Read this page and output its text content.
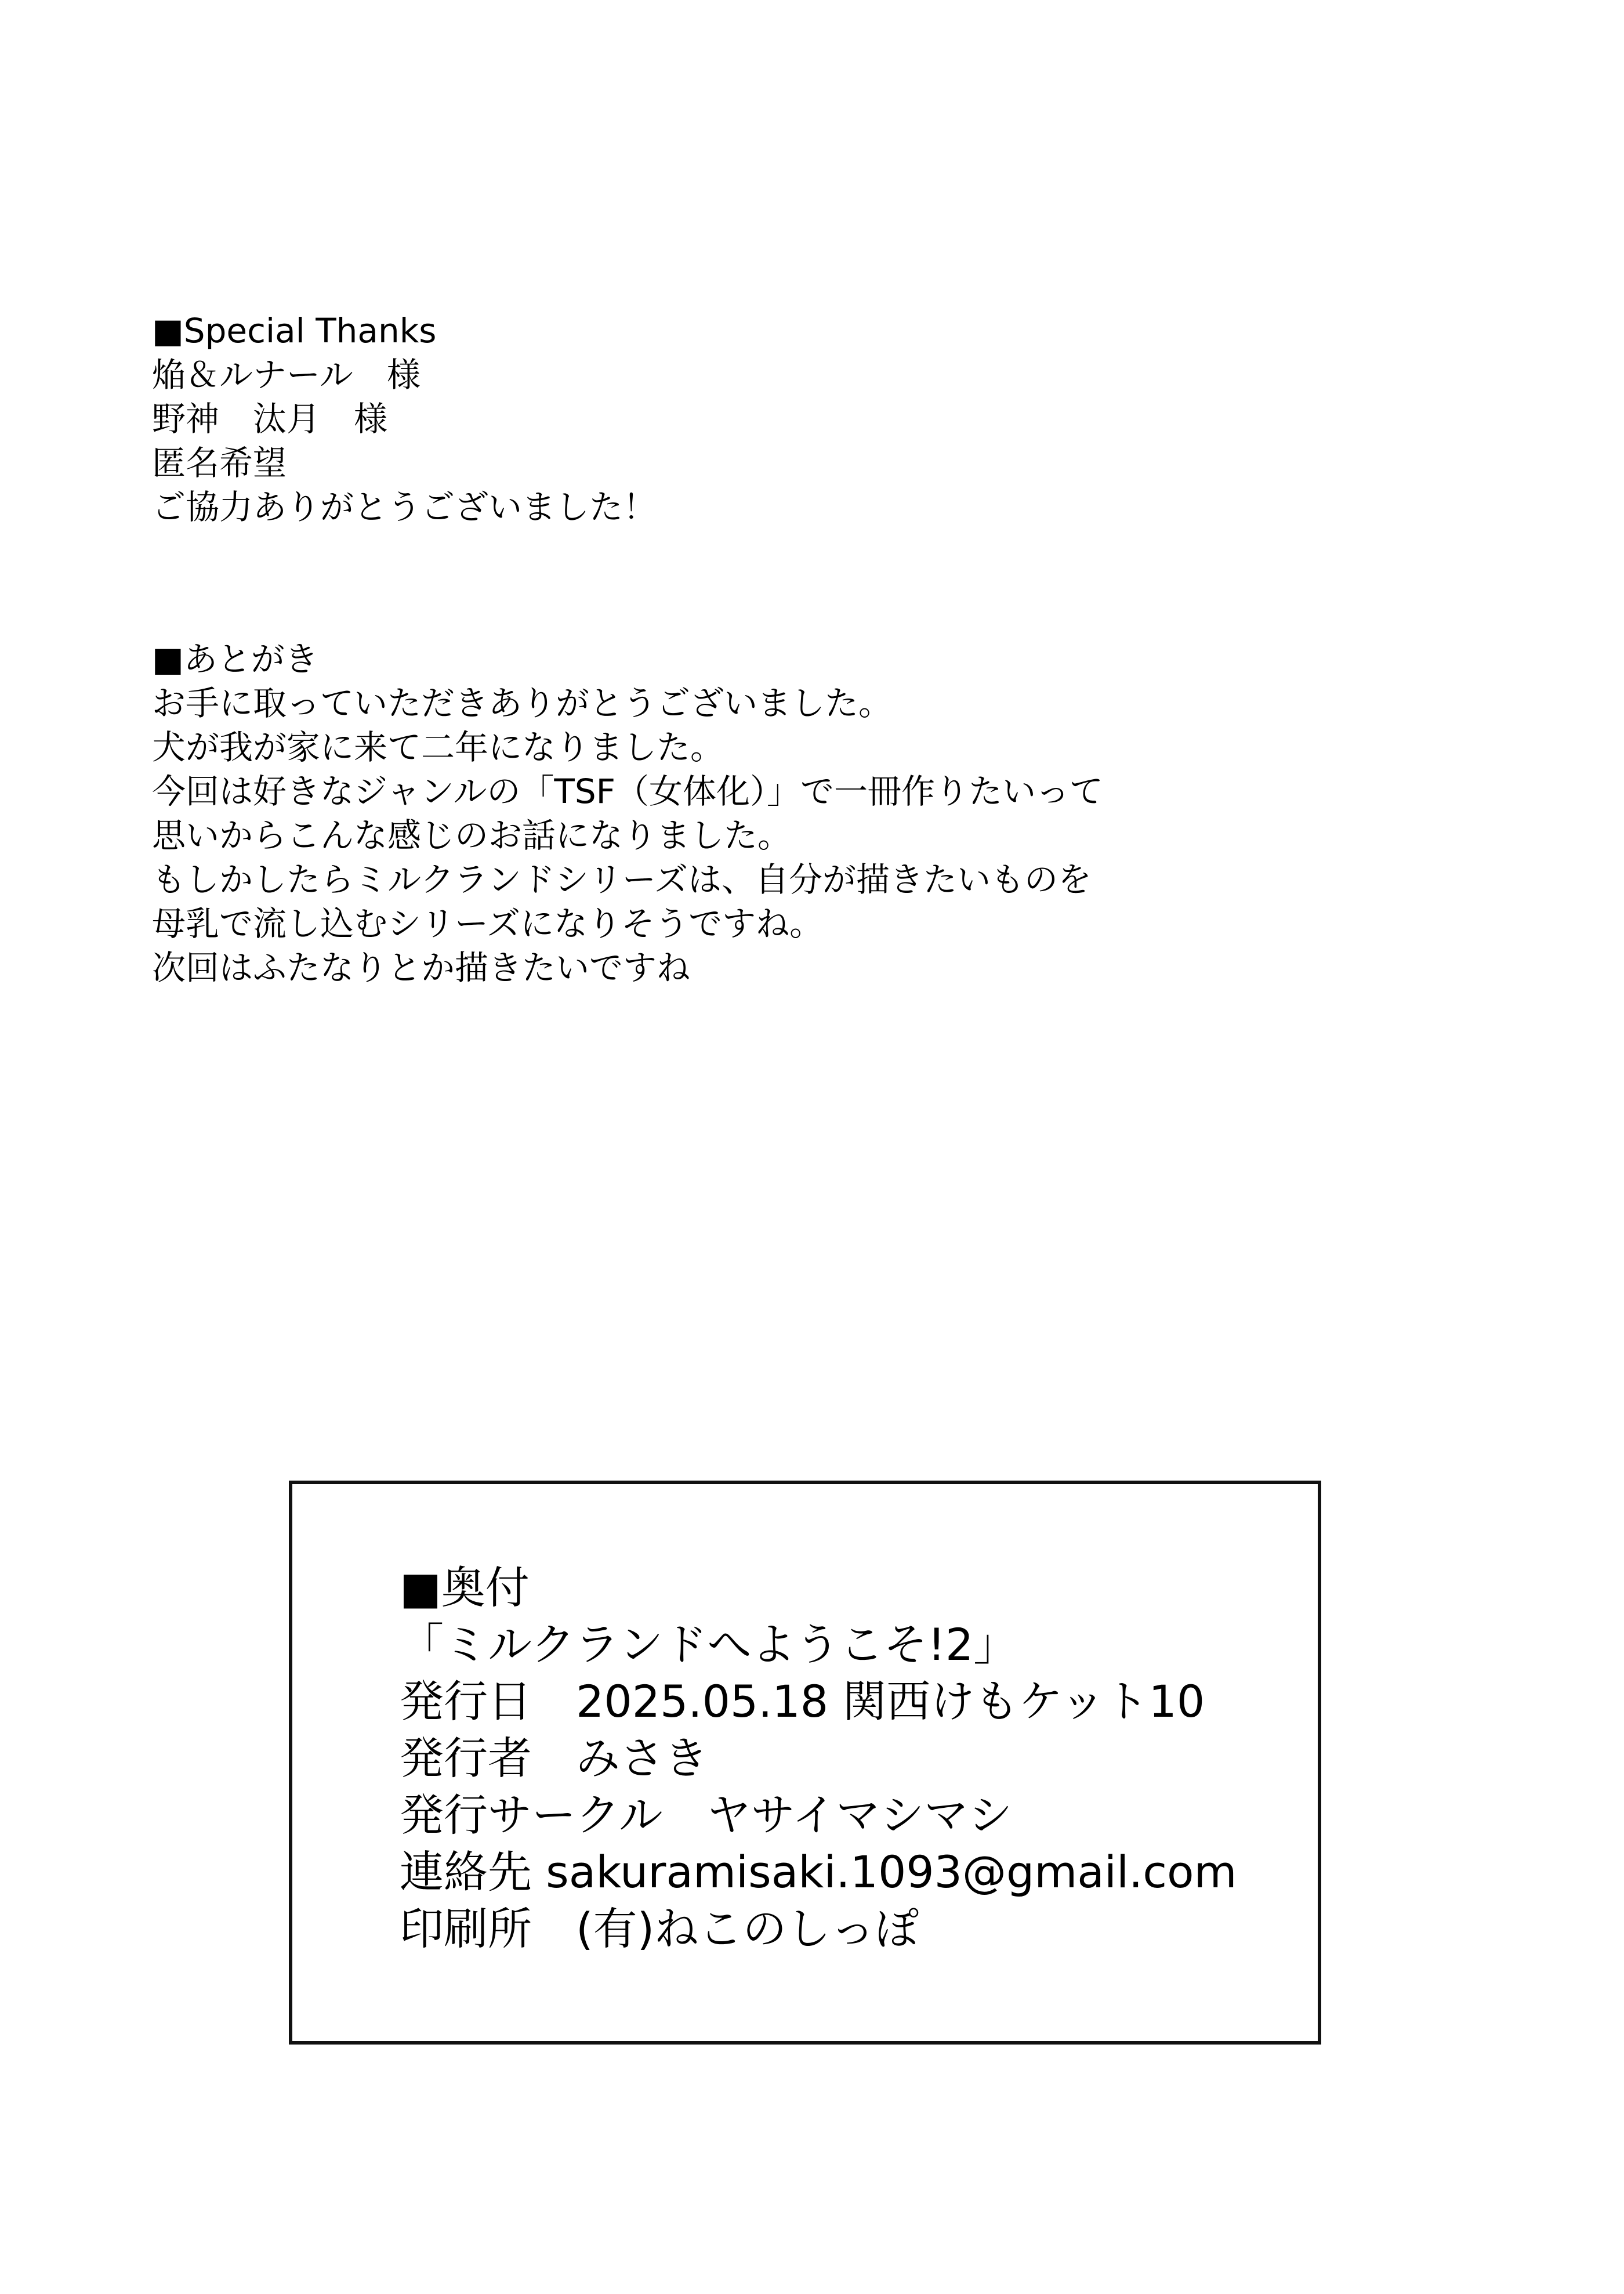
■Special Thanks
焔＆ルナール　様
野神　汰月　様
匿名希望
ご協力ありがとうございました！
■あとがき
お手に取っていただきありがとうございました。
犬が我が家に来て二年になりました。
今回は好きなジャンルの「TSF（女体化）」で一冊作りたいって
思いからこんな感じのお話になりました。
もしかしたらミルクランドシリーズは、自分が描きたいものを
母乳で流し込むシリーズになりそうですね。
次回はふたなりとか描きたいですね
■奥付
「ミルクランドへようこそ!2」
発行日　2025.05.18 関西けもケット10
発行者　みさき
発行サークル　ヤサイマシマシ
連絡先 sakuramisaki.1093@gmail.com
印刷所　(有)ねこのしっぽ
